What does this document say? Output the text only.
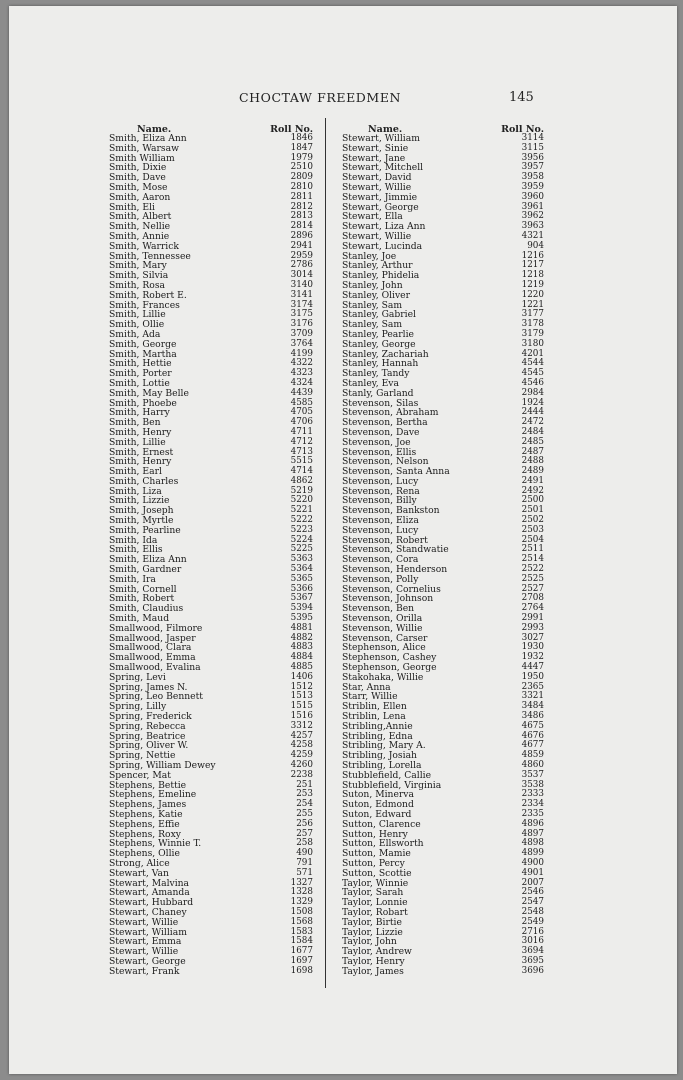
CHOCTAW FREEDMEN	145
Name.	Roll No.
Smith, Eliza Ann	1846
Smith, Warsaw	1847
Smith William	1979
Smith, Dixie	2510
Smith, Dave	2809
Smith, Mose	2810
Smith, Aaron	2811
Smith, Eli	2812
Smith, Albert	2813
Smith, Nellie	2814
Smith, Annie	2896
Smith, Warrick	2941
Smith, Tennessee	2959
Smith, Mary	2786
Smith, Silvia	3014
Smith, Rosa	3140
Smith, Robert E.	3141
Smith, Frances	3174
Smith, Lillie	3175
Smith, Ollie	3176
Smith, Ada	3709
Smith, George	3764
Smith, Martha	4199
Smith, Hettie	4322
Smith, Porter	4323
Smith, Lottie	4324
Smith, May Belle	4439
Smith, Phoebe	4585
Smith, Harry	4705
Smith, Ben	4706
Smith, Henry	4711
Smith, Lillie	4712
Smith, Ernest	4713
Smith, Henry	5515
Smith, Earl	4714
Smith, Charles	4862
Smith, Liza	5219
Smith, Lizzie	5220
Smith, Joseph	5221
Smith, Myrtle	5222
Smith, Pearline	5223
Smith, Ida	5224
Smith, Ellis	5225
Smith, Eliza Ann	5363
Smith, Gardner	5364
Smith, Ira	5365
Smith, Cornell	5366
Smith, Robert	5367
Smith, Claudius	5394
Smith, Maud	5395
Smallwood, Filmore	4881
Smallwood, Jasper	4882
Smallwood, Clara	4883
Smallwood, Emma	4884
Smallwood, Evalina	4885
Spring, Levi	1406
Spring, James N.	1512
Spring, Leo Bennett	1513
Spring, Lilly	1515
Spring, Frederick	1516
Spring, Rebecca	3312
Spring, Beatrice	4257
Spring, Oliver W.	4258
Spring, Nettie	4259
Spring, William Dewey	4260
Spencer, Mat	2238
Stephens, Bettie	251
Stephens, Emeline	253
Stephens, James	254
Stephens, Katie	255
Stephens, Effie	256
Stephens, Roxy	257
Stephens, Winnie T.	258
Stephens, Ollie	490
Strong, Alice	791
Stewart, Van	571
Stewart, Malvina	1327
Stewart, Amanda	1328
Stewart, Hubbard	1329
Stewart, Chaney	1508
Stewart, Willie	1568
Stewart, William	1583
Stewart, Emma	1584
Stewart, Willie	1677
Stewart, George	1697
Stewart, Frank	1698
Name.	Roll No.
Stewart, William	3114
Stewart, Sinie	3115
Stewart, Jane	3956
Stewart, Mitchell	3957
Stewart, David	3958
Stewart, Willie	3959
Stewart, Jimmie	3960
Stewart, George	3961
Stewart, Ella	3962
Stewart, Liza Ann	3963
Stewart, Willie	4321
Stewart, Lucinda	904
Stanley, Joe	1216
Stanley, Arthur	1217
Stanley, Phidelia	1218
Stanley, John	1219
Stanley, Oliver	1220
Stanley, Sam	1221
Stanley, Gabriel	3177
Stanley, Sam	3178
Stanley, Pearlie	3179
Stanley, George	3180
Stanley, Zachariah	4201
Stanley, Hannah	4544
Stanley, Tandy	4545
Stanley, Eva	4546
Stanly, Garland	2984
Stevenson, Silas	1924
Stevenson, Abraham	2444
Stevenson, Bertha	2472
Stevenson, Dave	2484
Stevenson, Joe	2485
Stevenson, Ellis	2487
Stevenson, Nelson	2488
Stevenson, Santa Anna	2489
Stevenson, Lucy	2491
Stevenson, Rena	2492
Stevenson, Billy	2500
Stevenson, Bankston	2501
Stevenson, Eliza	2502
Stevenson, Lucy	2503
Stevenson, Robert	2504
Stevenson, Standwatie	2511
Stevenson, Cora	2514
Stevenson, Henderson	2522
Stevenson, Polly	2525
Stevenson, Cornelius	2527
Stevenson, Johnson	2708
Stevenson, Ben	2764
Stevenson, Orilla	2991
Stevenson, Willie	2993
Stevenson, Carser	3027
Stephenson, Alice	1930
Stephenson, Cashey	1932
Stephenson, George	4447
Stakohaka, Willie	1950
Star, Anna	2365
Starr, Willie	3321
Striblin, Ellen	3484
Striblin, Lena	3486
Stribling,Annie	4675
Stribling, Edna	4676
Stribling, Mary A.	4677
Stribling, Josiah	4859
Stribling, Lorella	4860
Stubblefield, Callie	3537
Stubblefield, Virginia	3538
Suton, Minerva	2333
Suton, Edmond	2334
Suton, Edward	2335
Sutton, Clarence	4896
Sutton, Henry	4897
Sutton, Ellsworth	4898
Sutton, Mamie	4899
Sutton, Percy	4900
Sutton, Scottie	4901
Taylor, Winnie	2007
Taylor, Sarah	2546
Taylor, Lonnie	2547
Taylor, Robart	2548
Taylor, Birtie	2549
Taylor, Lizzie	2716
Taylor, John	3016
Taylor, Andrew	3694
Taylor, Henry	3695
Taylor, James	3696
